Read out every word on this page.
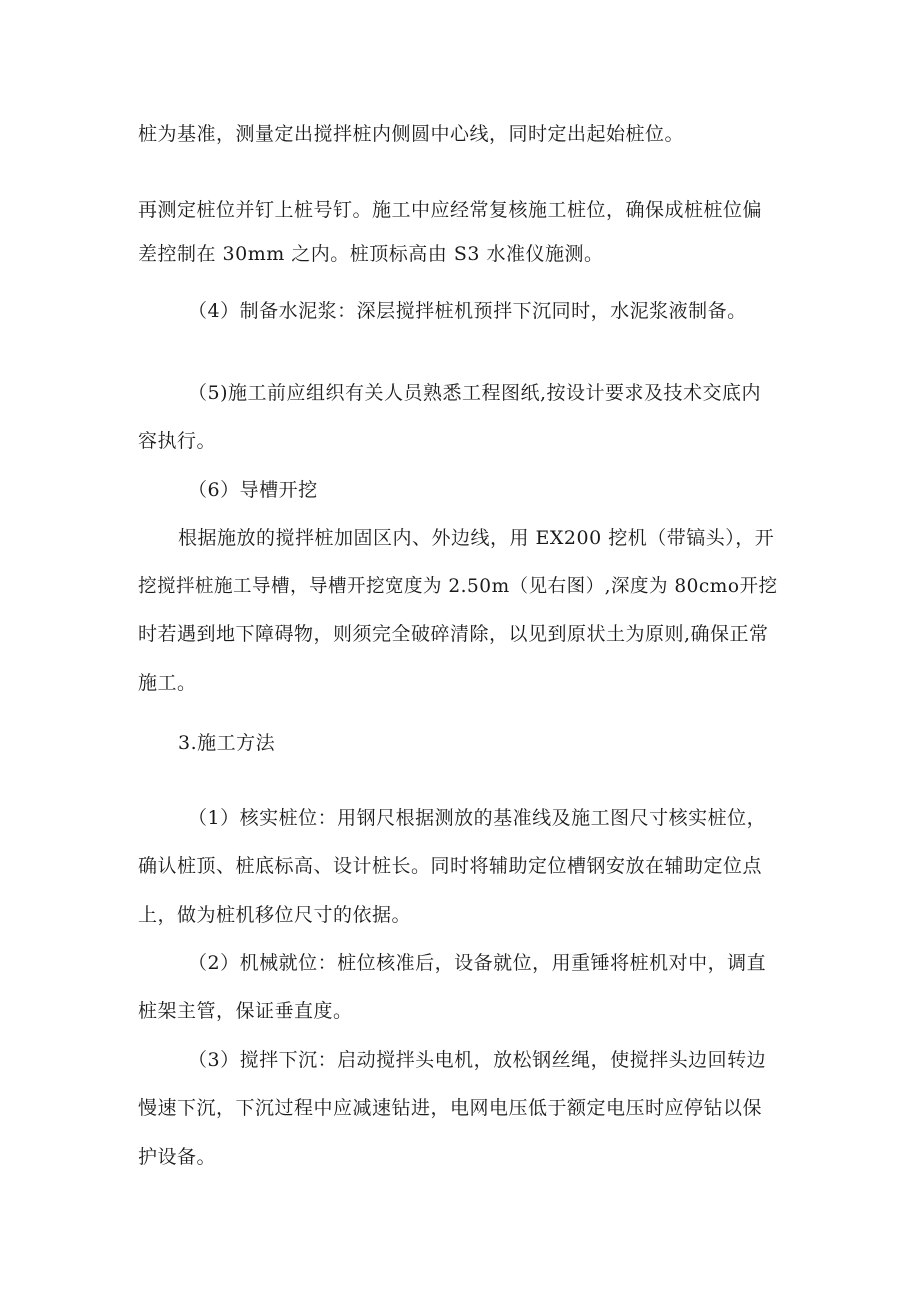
桩为基准，测量定出搅拌桩内侧圆中心线，同时定出起始桩位。

再测定桩位并钉上桩号钉。施工中应经常复核施工桩位，确保成桩桩位偏

差控制在 30mm 之内。桩顶标高由 S3 水准仪施测。

（4）制备水泥浆：深层搅拌桩机预拌下沉同时，水泥浆液制备。

（5)施工前应组织有关人员熟悉工程图纸,按设计要求及技术交底内

容执行。

（6）导槽开挖

根据施放的搅拌桩加固区内、外边线，用 EX200 挖机（带镐头），开

挖搅拌桩施工导槽，导槽开挖宽度为 2.50m（见右图）,深度为 80cmo开挖

时若遇到地下障碍物，则须完全破碎清除，以见到原状土为原则,确保正常

施工。

3.施工方法

（1）核实桩位：用钢尺根据测放的基准线及施工图尺寸核实桩位，

确认桩顶、桩底标高、设计桩长。同时将辅助定位槽钢安放在辅助定位点

上，做为桩机移位尺寸的依据。

（2）机械就位：桩位核准后，设备就位，用重锤将桩机对中，调直

桩架主管，保证垂直度。

（3）搅拌下沉：启动搅拌头电机，放松钢丝绳，使搅拌头边回转边

慢速下沉，下沉过程中应减速钻进，电网电压低于额定电压时应停钻以保

护设备。
